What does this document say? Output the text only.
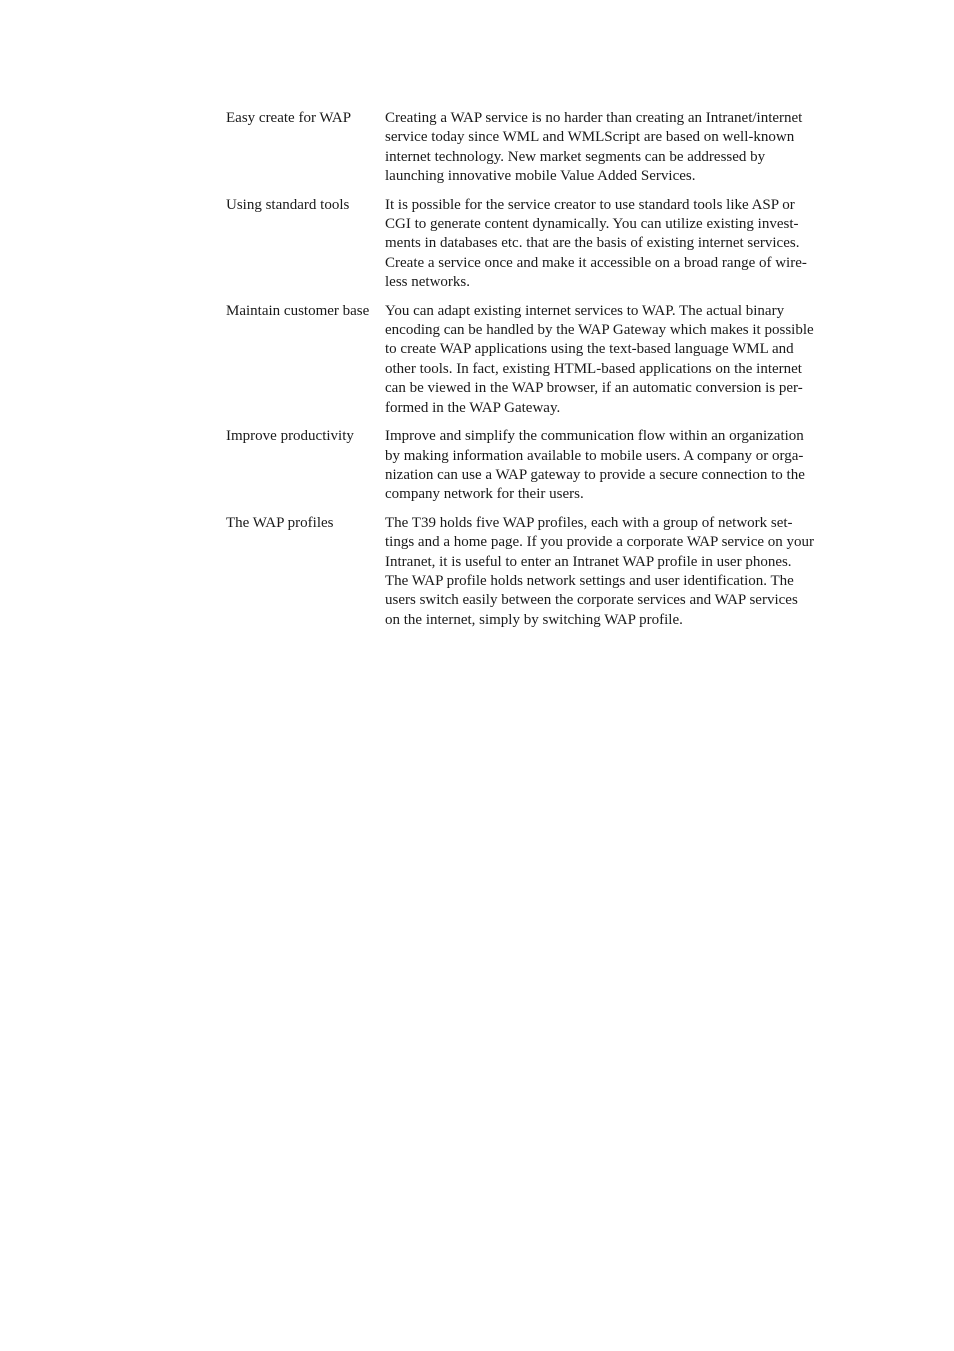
Easy create for WAP	Creating a WAP service is no harder than creating an Intranet/internet
service today since WML and WMLScript are based on well-known
internet technology. New market segments can be addressed by
launching innovative mobile Value Added Services.
Using standard tools	It is possible for the service creator to use standard tools like ASP or
CGI to generate content dynamically. You can utilize existing invest-
ments in databases etc. that are the basis of existing internet services.
Create a service once and make it accessible on a broad range of wire-
less networks.
Maintain customer base	You can adapt existing internet services to WAP. The actual binary
encoding can be handled by the WAP Gateway which makes it possible
to create WAP applications using the text-based language WML and
other tools. In fact, existing HTML-based applications on the internet
can be viewed in the WAP browser, if an automatic conversion is per-
formed in the WAP Gateway.
Improve productivity	Improve and simplify the communication flow within an organization
by making information available to mobile users. A company or orga-
nization can use a WAP gateway to provide a secure connection to the
company network for their users.
The WAP profiles	The T39 holds five WAP profiles, each with a group of network set-
tings and a home page. If you provide a corporate WAP service on your
Intranet, it is useful to enter an Intranet WAP profile in user phones.
The WAP profile holds network settings and user identification. The
users switch easily between the corporate services and WAP services
on the internet, simply by switching WAP profile.
